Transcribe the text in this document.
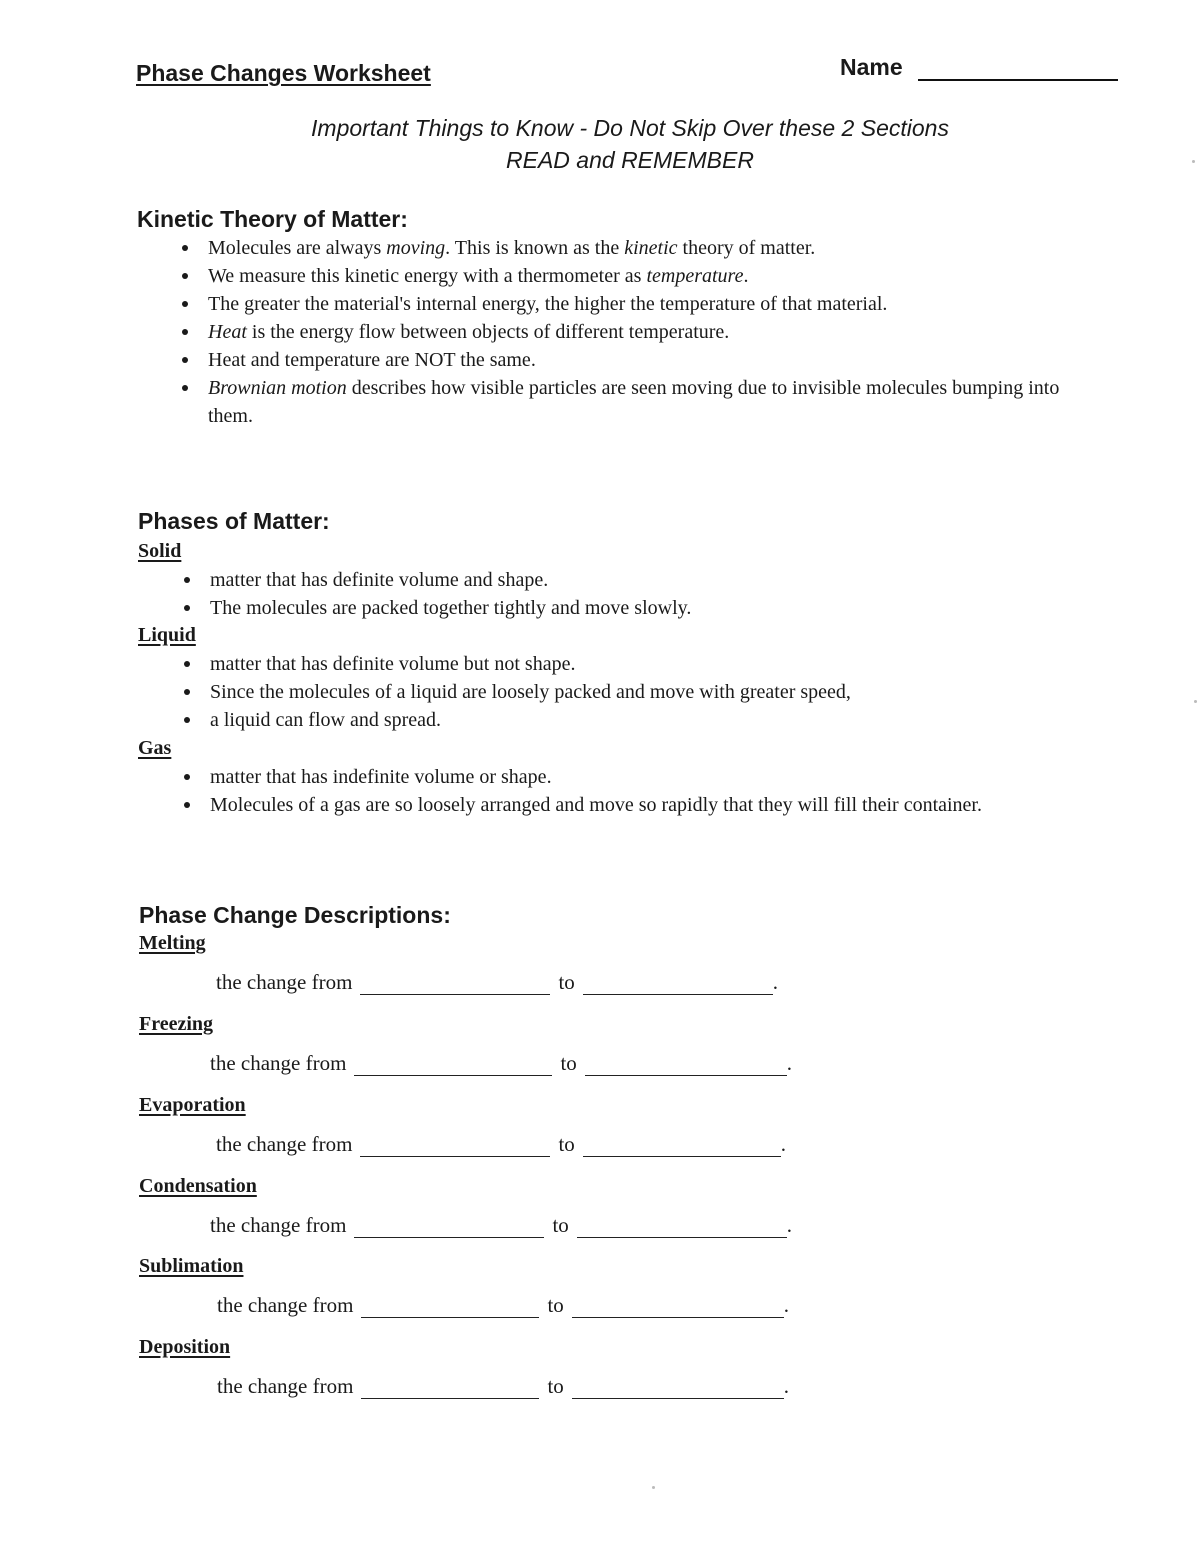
Phase Changes Worksheet	Name
Important Things to Know - Do Not Skip Over these 2 Sections
READ and REMEMBER
Kinetic Theory of Matter:
Molecules are always moving. This is known as the kinetic theory of matter.
We measure this kinetic energy with a thermometer as temperature.
The greater the material's internal energy, the higher the temperature of that material.
Heat is the energy flow between objects of different temperature.
Heat and temperature are NOT the same.
Brownian motion describes how visible particles are seen moving due to invisible molecules bumping into them.
Phases of Matter:
Solid
matter that has definite volume and shape.
The molecules are packed together tightly and move slowly.
Liquid
matter that has definite volume but not shape.
Since the molecules of a liquid are loosely packed and move with greater speed,
a liquid can flow and spread.
Gas
matter that has indefinite volume or shape.
Molecules of a gas are so loosely arranged and move so rapidly that they will fill their container.
Phase Change Descriptions:
Melting
the change from	to	.
Freezing
the change from	to	.
Evaporation
the change from	to	.
Condensation
the change from	to	.
Sublimation
the change from	to	.
Deposition
the change from	to	.
